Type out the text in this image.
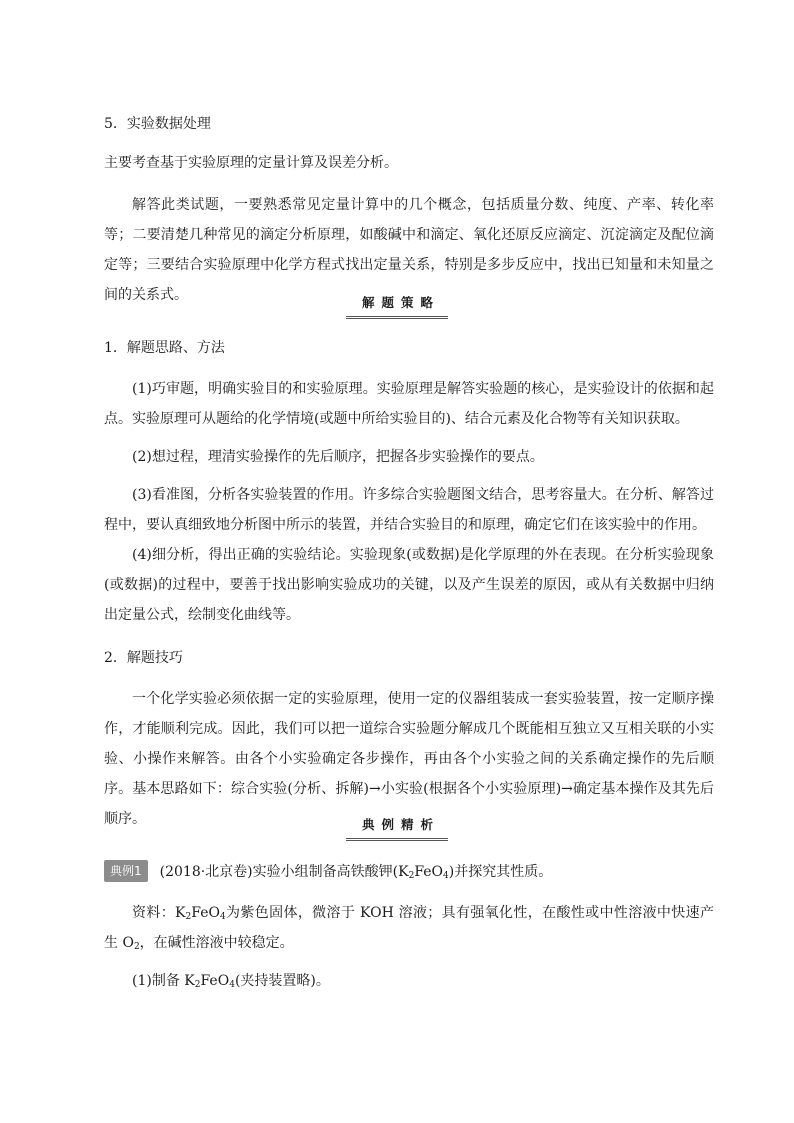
5．实验数据处理
主要考查基于实验原理的定量计算及误差分析。
解答此类试题，一要熟悉常见定量计算中的几个概念，包括质量分数、纯度、产率、转化率等；二要清楚几种常见的滴定分析原理，如酸碱中和滴定、氧化还原反应滴定、沉淀滴定及配位滴定等；三要结合实验原理中化学方程式找出定量关系，特别是多步反应中，找出已知量和未知量之间的关系式。	解题策略
1．解题思路、方法
(1)巧审题，明确实验目的和实验原理。实验原理是解答实验题的核心，是实验设计的依据和起点。实验原理可从题给的化学情境(或题中所给实验目的)、结合元素及化合物等有关知识获取。
(2)想过程，理清实验操作的先后顺序，把握各步实验操作的要点。
(3)看准图，分析各实验装置的作用。许多综合实验题图文结合，思考容量大。在分析、解答过程中，要认真细致地分析图中所示的装置，并结合实验目的和原理，确定它们在该实验中的作用。
(4)细分析，得出正确的实验结论。实验现象(或数据)是化学原理的外在表现。在分析实验现象(或数据)的过程中，要善于找出影响实验成功的关键，以及产生误差的原因，或从有关数据中归纳出定量公式，绘制变化曲线等。
2．解题技巧
一个化学实验必须依据一定的实验原理，使用一定的仪器组装成一套实验装置，按一定顺序操作，才能顺利完成。因此，我们可以把一道综合实验题分解成几个既能相互独立又互相关联的小实验、小操作来解答。由各个小实验确定各步操作，再由各个小实验之间的关系确定操作的先后顺序。基本思路如下：综合实验(分析、拆解)→小实验(根据各个小实验原理)→确定基本操作及其先后顺序。	典例精析
典例1 (2018·北京卷)实验小组制备高铁酸钾$(K_2FeO_4)$并探究其性质。
资料：$K_2FeO_4$为紫色固体，微溶于 KOH 溶液；具有强氧化性，在酸性或中性溶液中快速产生 $O_2$，在碱性溶液中较稳定。
(1)制备 $K_2FeO_4$(夹持装置略)。
